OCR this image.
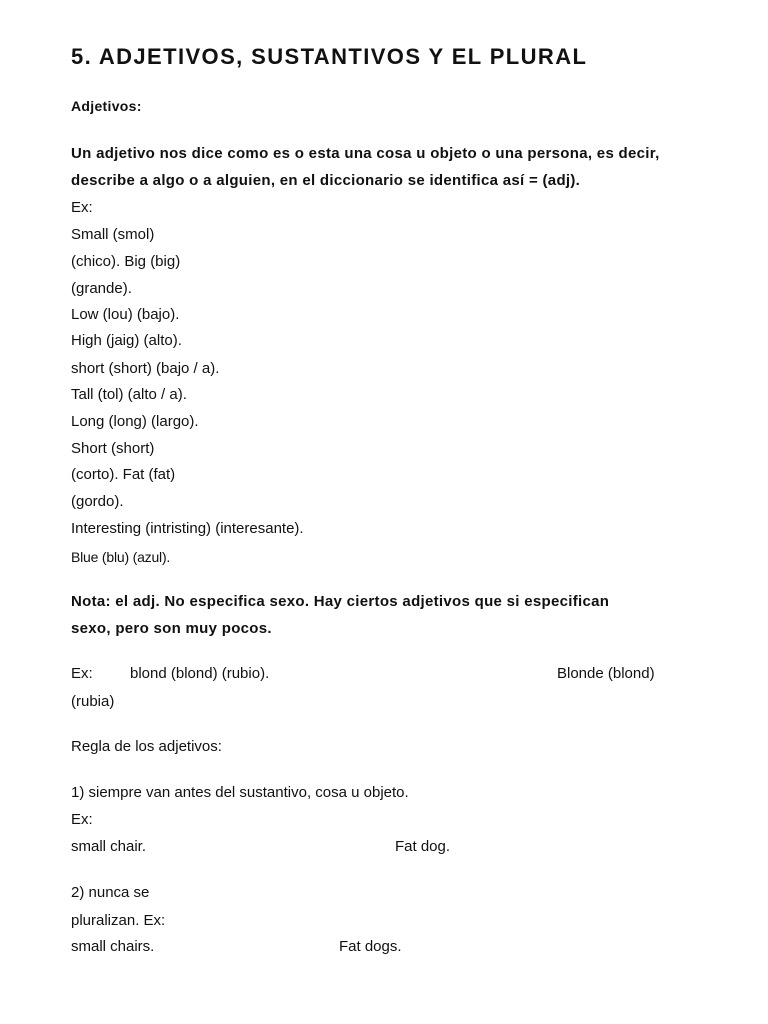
5. ADJETIVOS, SUSTANTIVOS Y EL PLURAL
Adjetivos:
Un adjetivo nos dice como es o esta una cosa u objeto o una persona, es decir,
describe a algo o a alguien, en el diccionario se identifica así = (adj).
Ex:
Small (smol)
(chico). Big (big)
(grande).
Low (lou) (bajo).
High (jaig) (alto).
short (short) (bajo / a).
Tall (tol) (alto / a).
Long (long) (largo).
Short (short)
(corto). Fat (fat)
(gordo).
Interesting (intristing) (interesante).
Blue (blu) (azul).
Nota: el adj. No especifica sexo. Hay ciertos adjetivos que si especifican
sexo, pero son muy pocos.
Ex: blond (blond) (rubio).	Blonde (blond)
(rubia)
Regla de los adjetivos:
1) siempre van antes del sustantivo, cosa u objeto.
Ex:
small chair.	Fat dog.
2) nunca se
pluralizan. Ex:
small chairs.	Fat dogs.
